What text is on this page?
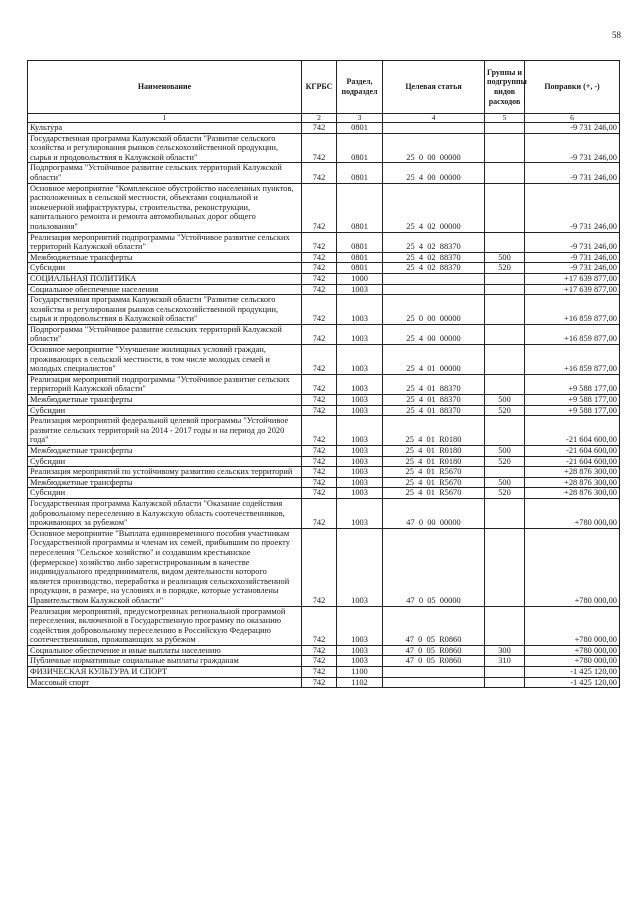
58
Наименование	КГРБС	Раздел, подраздел	Целевая статья	Группы и подгруппы видов расходов	Поправки (+, -)
1	2	3	4	5	6
Культура	742	0801			-9 731 246,00
Государственная программа Калужской области "Развитие сельского хозяйства и регулирования рынков сельскохозяйственной продукции, сырья и продовольствия в Калужской области"	742	0801	25  0  00  00000		-9 731 246,00
Подпрограмма "Устойчивое развитие сельских территорий Калужской области"	742	0801	25  4  00  00000		-9 731 246,00
Основное мероприятие "Комплексное обустройство населенных пунктов, расположенных в сельской местности, объектами социальной и инженерной инфраструктуры, строительства, реконструкции, капитального ремонта и ремонта автомобильных дорог общего пользования"	742	0801	25  4  02  00000		-9 731 246,00
Реализация мероприятий подпрограммы "Устойчивое развитие сельских территорий Калужской области"	742	0801	25  4  02  88370		-9 731 246,00
Межбюджетные трансферты	742	0801	25  4  02  88370	500	-9 731 246,00
Субсидии	742	0801	25  4  02  88370	520	-9 731 246,00
СОЦИАЛЬНАЯ ПОЛИТИКА	742	1000			+17 639 877,00
Социальное обеспечение населения	742	1003			+17 639 877,00
Государственная программа Калужской области "Развитие сельского хозяйства и регулирования рынков сельскохозяйственной продукции, сырья и продовольствия в Калужской области"	742	1003	25  0  00  00000		+16 859 877,00
Подпрограмма "Устойчивое развитие сельских территорий Калужской области"	742	1003	25  4  00  00000		+16 859 877,00
Основное мероприятие "Улучшение жилищных условий граждан, проживающих в сельской местности, в том числе молодых семей и молодых специалистов"	742	1003	25  4  01  00000		+16 859 877,00
Реализация мероприятий подпрограммы "Устойчивое развитие сельских территорий Калужской области"	742	1003	25  4  01  88370		+9 588 177,00
Межбюджетные трансферты	742	1003	25  4  01  88370	500	+9 588 177,00
Субсидии	742	1003	25  4  01  88370	520	+9 588 177,00
Реализация мероприятий федеральной целевой программы "Устойчивое развитие сельских территорий на 2014 - 2017 годы и на период до 2020 года"	742	1003	25  4  01  R0180		-21 604 600,00
Межбюджетные трансферты	742	1003	25  4  01  R0180	500	-21 604 600,00
Субсидии	742	1003	25  4  01  R0180	520	-21 604 600,00
Реализация мероприятий по устойчивому развитию сельских территорий	742	1003	25  4  01  R5670		+28 876 300,00
Межбюджетные трансферты	742	1003	25  4  01  R5670	500	+28 876 300,00
Субсидии	742	1003	25  4  01  R5670	520	+28 876 300,00
Государственная программа Калужской области "Оказание содействия добровольному переселению в Калужскую область соотечественников, проживающих за рубежом"	742	1003	47  0  00  00000		+780 000,00
Основное мероприятие "Выплата единовременного пособия участникам Государственной программы и членам их семей, прибывшим по проекту переселения "Сельское хозяйство" и создавшим крестьянское (фермерское) хозяйство либо зарегистрированным в качестве индивидуального предпринимателя, видом деятельности которого является производство, переработка и реализация сельскохозяйственной продукции, в размере, на условиях и в порядке, которые установлены Правительством Калужской области"	742	1003	47  0  05  00000		+780 000,00
Реализация мероприятий, предусмотренных региональной программой переселения, включенной в Государственную программу по оказанию содействия добровольному переселению в Российскую Федерацию соотечественников, проживающих за рубежом	742	1003	47  0  05  R0860		+780 000,00
Социальное обеспечение и иные выплаты населению	742	1003	47  0  05  R0860	300	+780 000,00
Публичные нормативные социальные выплаты гражданам	742	1003	47  0  05  R0860	310	+780 000,00
ФИЗИЧЕСКАЯ КУЛЬТУРА И СПОРТ	742	1100			-1 425 120,00
Массовый спорт	742	1102			-1 425 120,00
